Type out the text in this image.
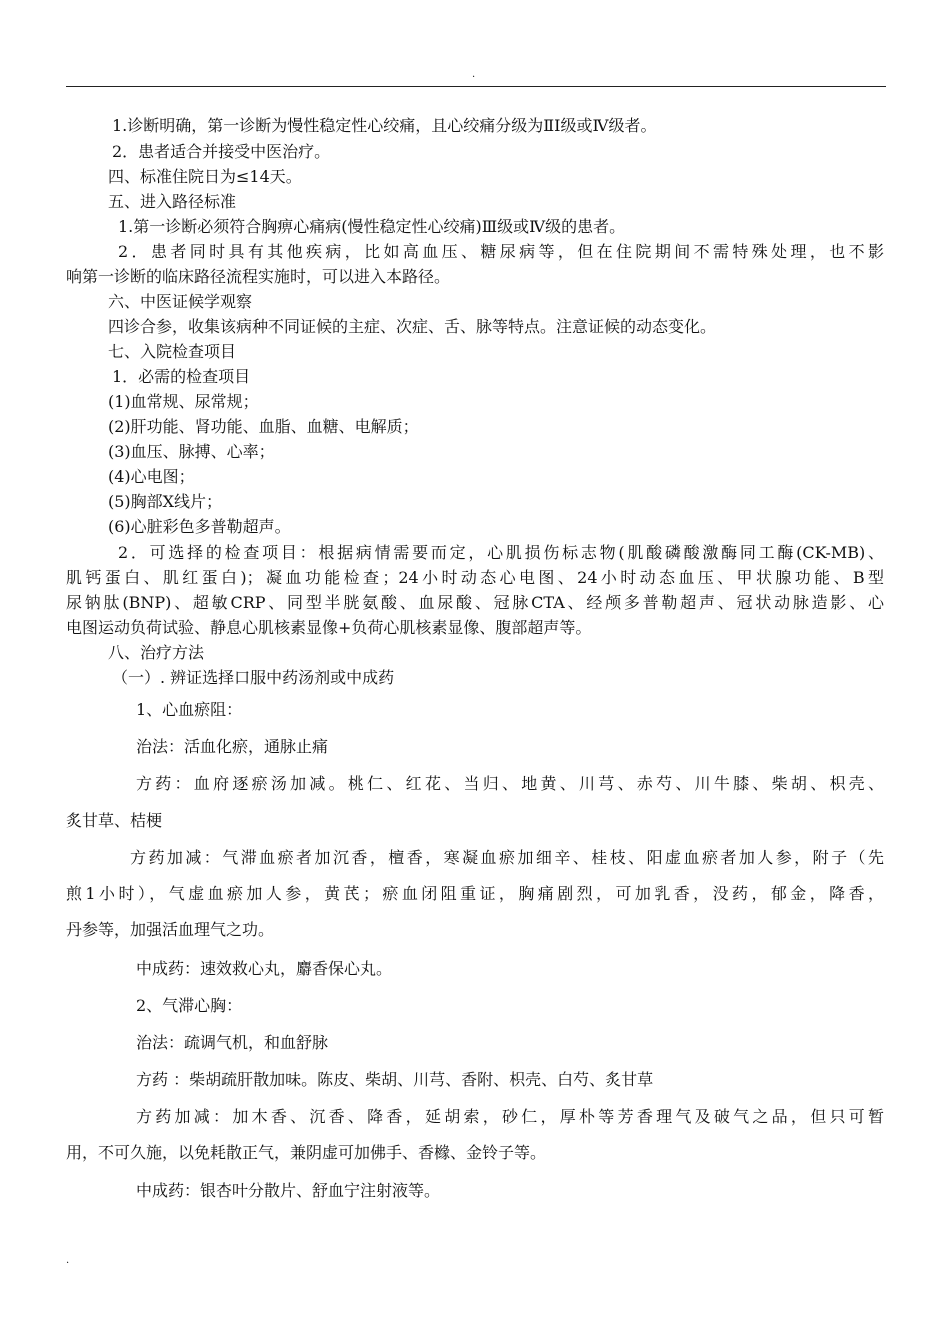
.
1.诊断明确，第一诊断为慢性稳定性心绞痛，且心绞痛分级为ⅡI级或Ⅳ级者。
2．患者适合并接受中医治疗。
四、标准住院日为≤14天。
五、进入路径标准
1.第一诊断必须符合胸痹心痛病(慢性稳定性心绞痛)Ⅲ级或Ⅳ级的患者。
2．患者同时具有其他疾病，比如高血压、糖尿病等，但在住院期间不需特殊处理，也不影
响第一诊断的临床路径流程实施时，可以进入本路径。
六、中医证候学观察
四诊合参，收集该病种不同证候的主症、次症、舌、脉等特点。注意证候的动态变化。
七、入院检查项目
1．必需的检查项目
(1)血常规、尿常规；
(2)肝功能、肾功能、血脂、血糖、电解质；
(3)血压、脉搏、心率；
(4)心电图；
(5)胸部X线片；
(6)心脏彩色多普勒超声。
2．可选择的检查项目：根据病情需要而定，心肌损伤标志物(肌酸磷酸激酶同工酶(CK-MB)、
肌钙蛋白、肌红蛋白)；凝血功能检查；24小时动态心电图、24小时动态血压、甲状腺功能、B型
尿钠肽(BNP)、超敏CRP、同型半胱氨酸、血尿酸、冠脉CTA、经颅多普勒超声、冠状动脉造影、心
电图运动负荷试验、静息心肌核素显像+负荷心肌核素显像、腹部超声等。
八、治疗方法
（一）. 辨证选择口服中药汤剂或中成药
1、心血瘀阻：
治法：活血化瘀，通脉止痛
方药：血府逐瘀汤加减。桃仁、红花、当归、地黄、川芎、赤芍、川牛膝、柴胡、枳壳、
炙甘草、桔梗
方药加减：气滞血瘀者加沉香，檀香，寒凝血瘀加细辛、桂枝、阳虚血瘀者加人参，附子（先
煎1小时），气虚血瘀加人参，黄芪；瘀血闭阻重证，胸痛剧烈，可加乳香，没药，郁金，降香，
丹参等，加强活血理气之功。
中成药：速效救心丸，麝香保心丸。
2、气滞心胸：
治法：疏调气机，和血舒脉
方药 ：柴胡疏肝散加味。陈皮、柴胡、川芎、香附、枳壳、白芍、炙甘草
方药加减：加木香、沉香、降香，延胡索，砂仁，厚朴等芳香理气及破气之品，但只可暂
用，不可久施，以免耗散正气，兼阴虚可加佛手、香橼、金铃子等。
中成药：银杏叶分散片、舒血宁注射液等。
.
